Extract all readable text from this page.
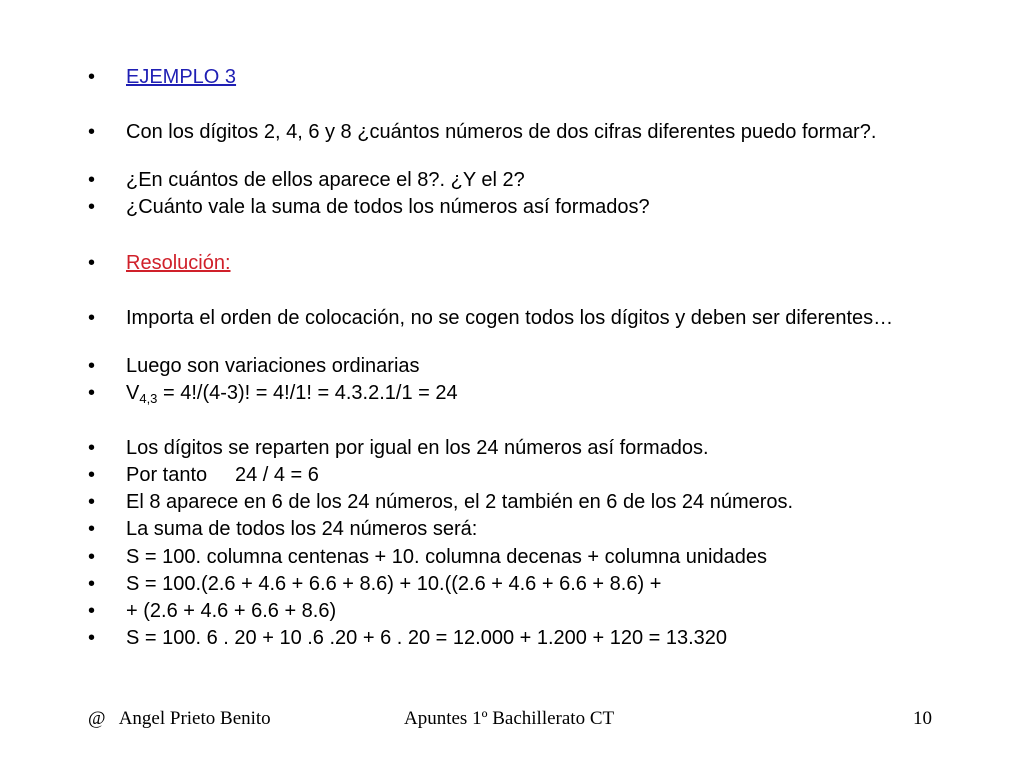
• EJEMPLO 3
• Con los dígitos 2, 4, 6 y 8 ¿cuántos números de dos cifras diferentes puedo formar?.
• ¿En cuántos de ellos aparece el 8?. ¿Y el 2?
• ¿Cuánto vale la suma de todos los números así formados?
• Resolución:
• Importa el orden de colocación, no se cogen todos los dígitos y deben ser diferentes…
• Luego son variaciones ordinarias
• $V_{4,3} = 4!/(4-3)$! = 4!/1! = 4.3.2.1/1 = 24
• Los dígitos se reparten por igual en los 24 números así formados.
• Por tanto     24 / 4 = 6
• El 8 aparece en 6 de los 24 números, el 2 también en 6 de los 24 números.
• La suma de todos los 24 números será:
• S = 100. columna centenas + 10. columna decenas + columna unidades
• S = 100.(2.6 + 4.6 + 6.6 + 8.6) + 10.((2.6 + 4.6 + 6.6 + 8.6) +
• + (2.6 + 4.6 + 6.6 + 8.6)
• S = 100. 6 . 20 + 10 .6 .20 + 6 . 20 = 12.000 + 1.200 + 120 = 13.320
@   Angel Prieto Benito	Apuntes 1º Bachillerato CT	10
